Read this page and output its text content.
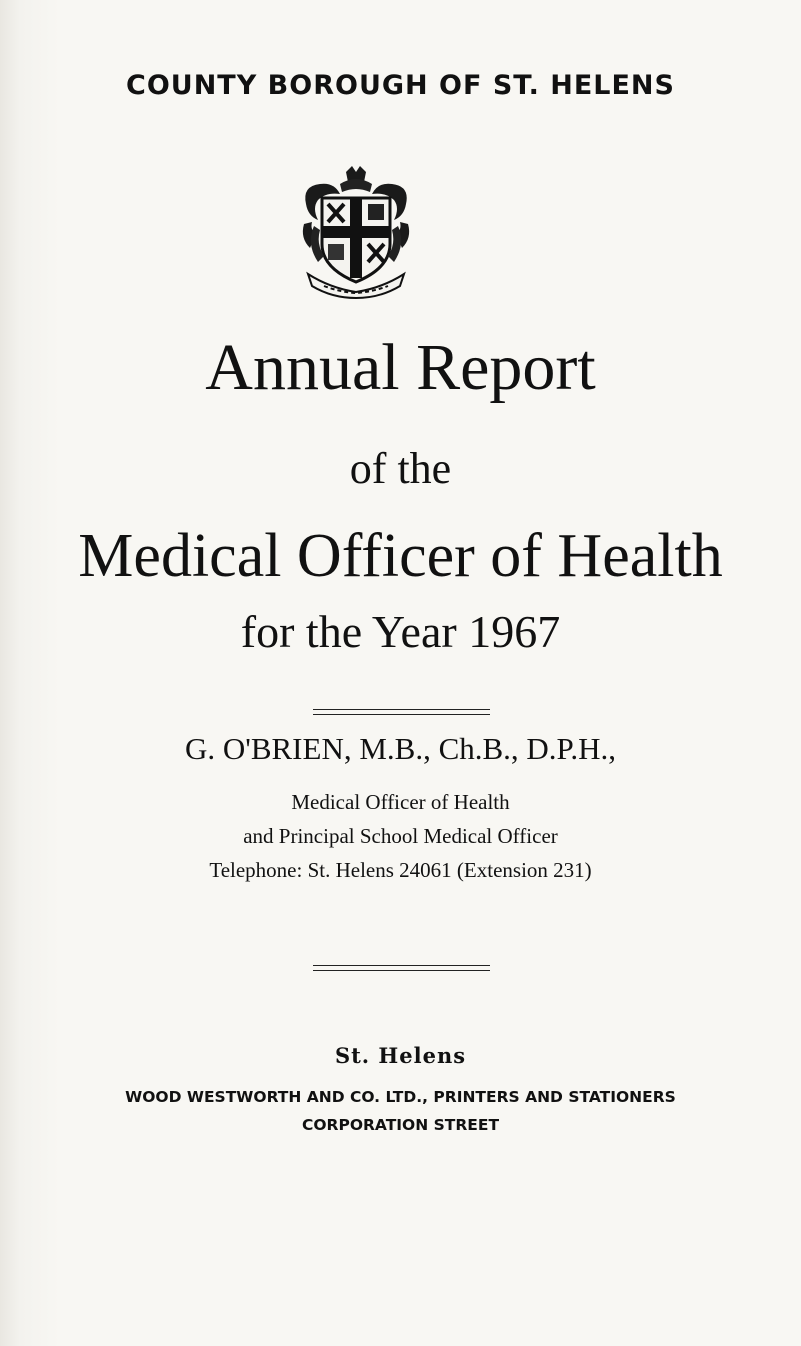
COUNTY BOROUGH OF ST. HELENS
Annual Report
of the
Medical Officer of Health
for the Year 1967
G. O'BRIEN, M.B., Ch.B., D.P.H.,
Medical Officer of Health
and Principal School Medical Officer
Telephone: St. Helens 24061 (Extension 231)
St. Helens
WOOD WESTWORTH AND CO. LTD., PRINTERS AND STATIONERS
CORPORATION STREET
